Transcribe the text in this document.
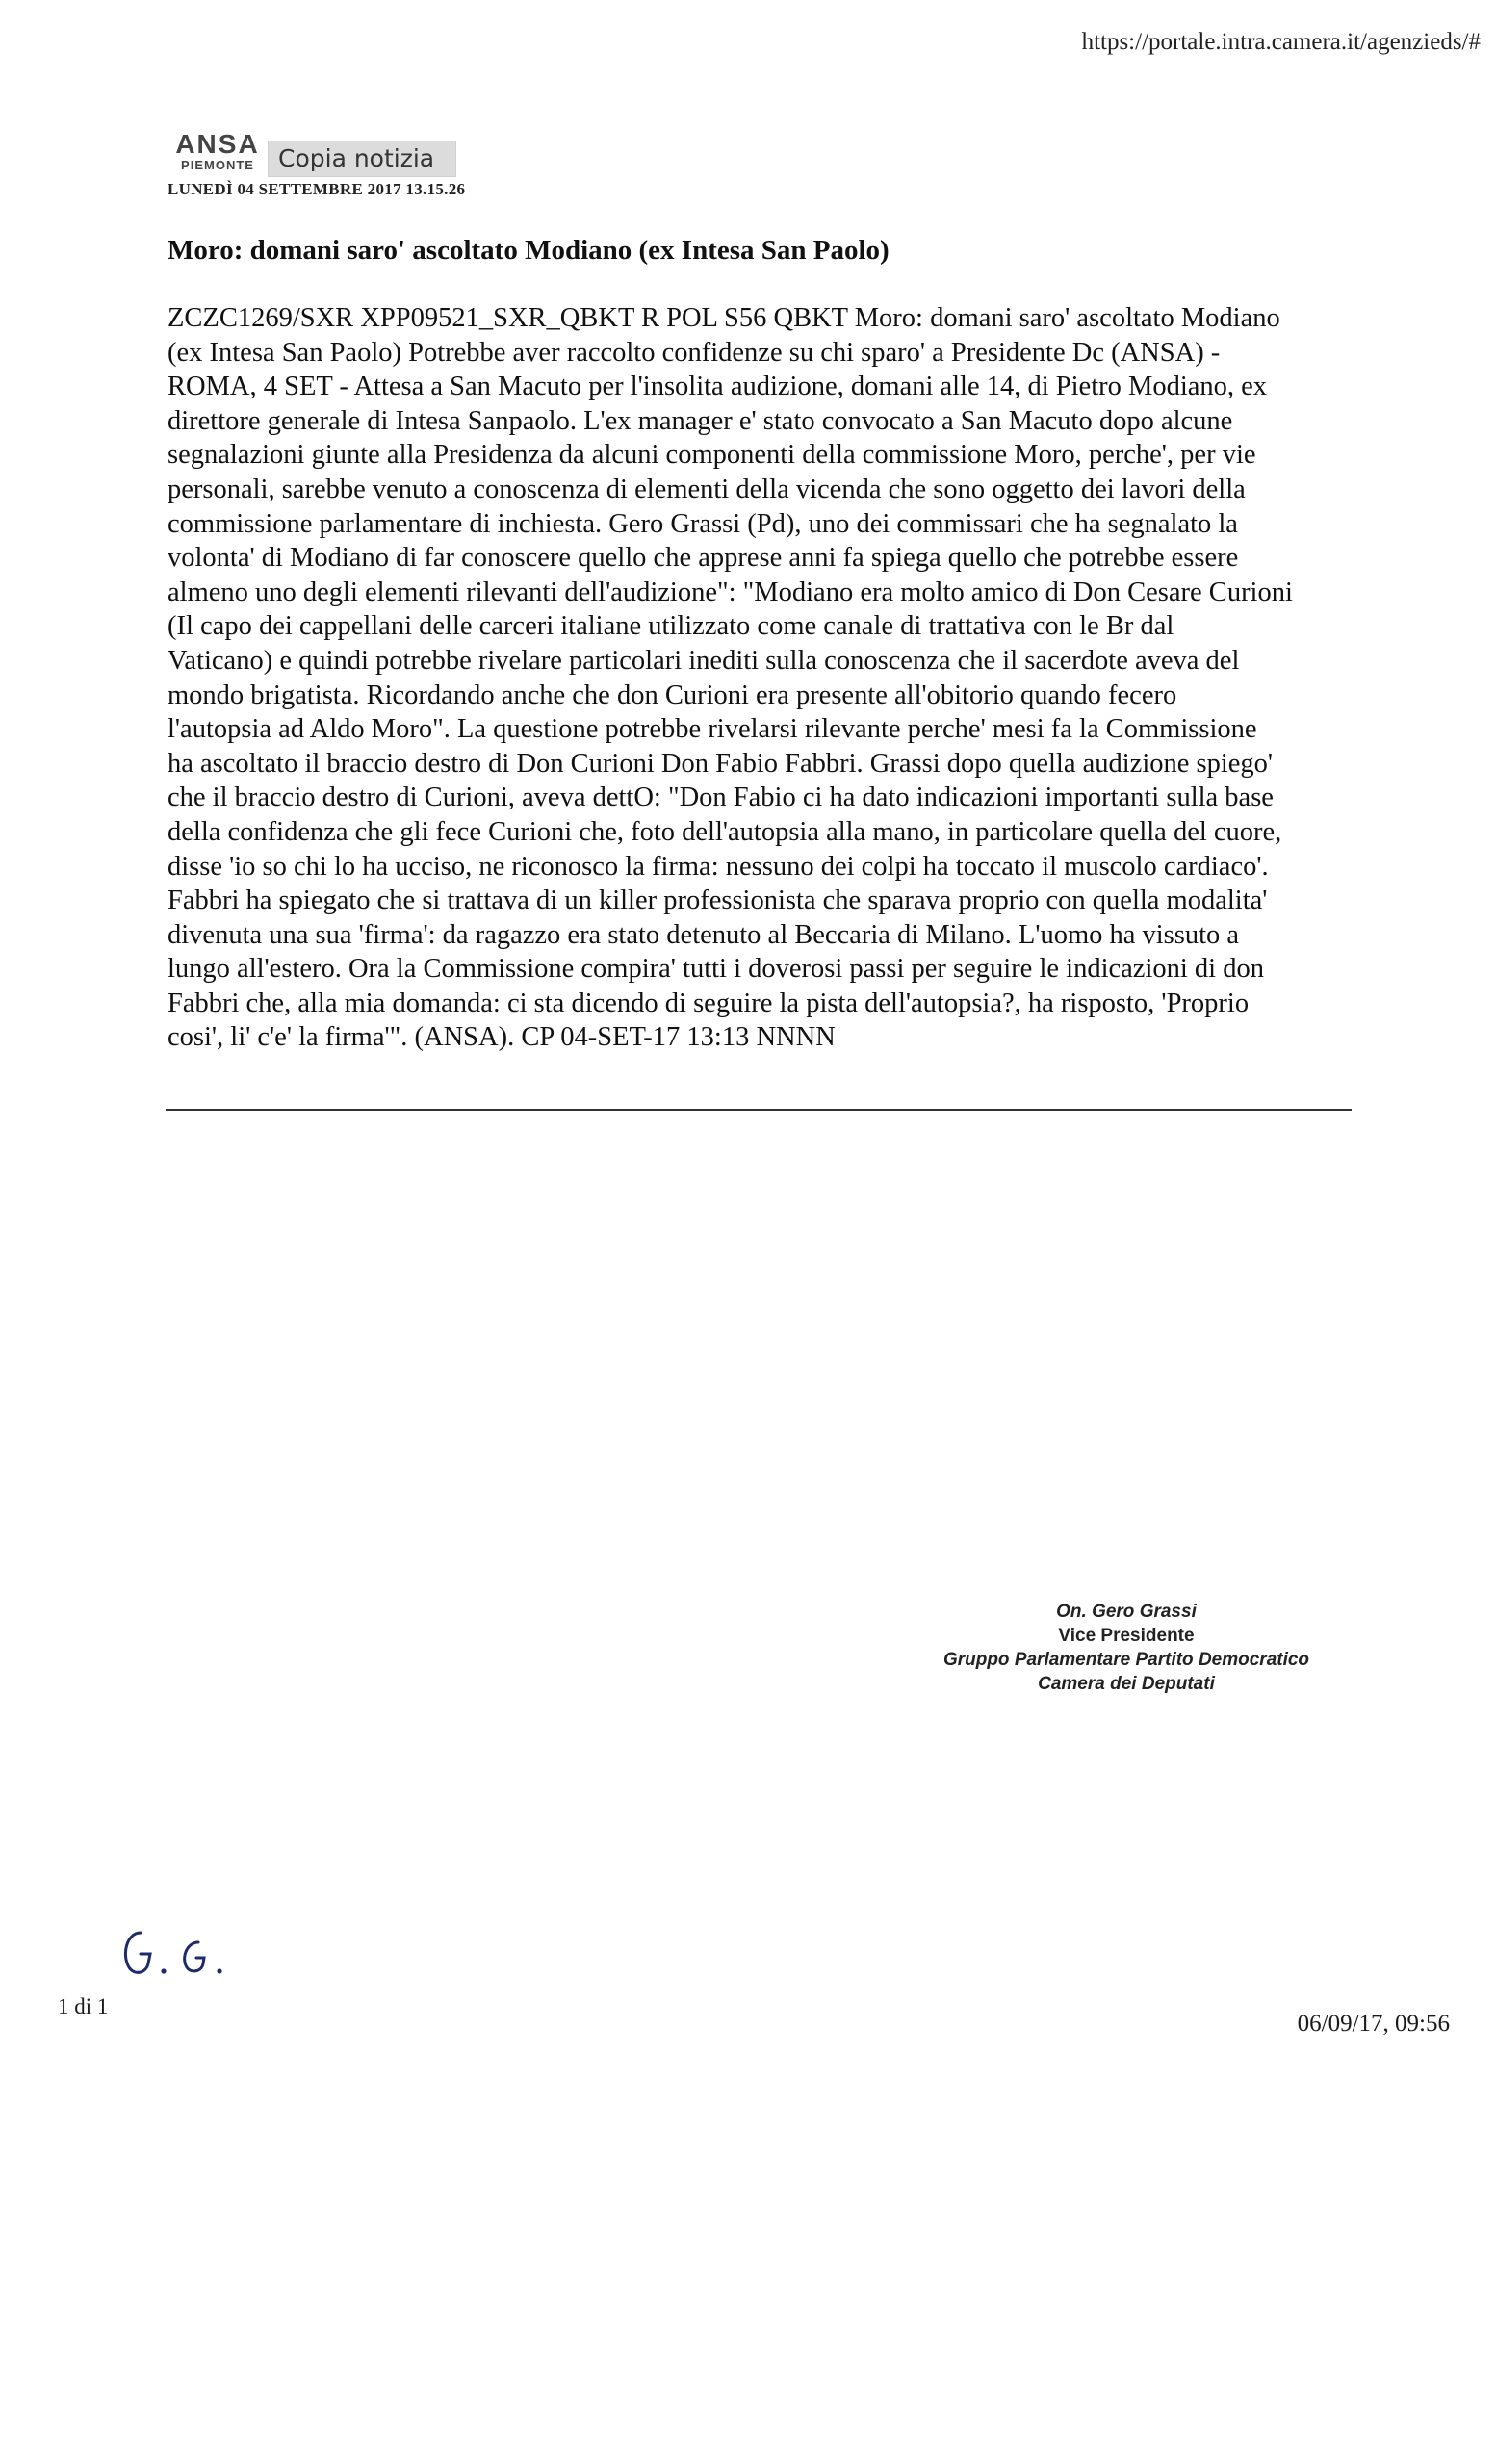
https://portale.intra.camera.it/agenzieds/#
ANSA
PIEMONTE	Copia notizia
LUNEDÌ 04 SETTEMBRE 2017 13.15.26
Moro: domani saro' ascoltato Modiano (ex Intesa San Paolo)
ZCZC1269/SXR XPP09521_SXR_QBKT R POL S56 QBKT Moro: domani saro' ascoltato Modiano
(ex Intesa San Paolo) Potrebbe aver raccolto confidenze su chi sparo' a Presidente Dc (ANSA) -
ROMA, 4 SET - Attesa a San Macuto per l'insolita audizione, domani alle 14, di Pietro Modiano, ex
direttore generale di Intesa Sanpaolo. L'ex manager e' stato convocato a San Macuto dopo alcune
segnalazioni giunte alla Presidenza da alcuni componenti della commissione Moro, perche', per vie
personali, sarebbe venuto a conoscenza di elementi della vicenda che sono oggetto dei lavori della
commissione parlamentare di inchiesta. Gero Grassi (Pd), uno dei commissari che ha segnalato la
volonta' di Modiano di far conoscere quello che apprese anni fa spiega quello che potrebbe essere
almeno uno degli elementi rilevanti dell'audizione": "Modiano era molto amico di Don Cesare Curioni
(Il capo dei cappellani delle carceri italiane utilizzato come canale di trattativa con le Br dal
Vaticano) e quindi potrebbe rivelare particolari inediti sulla conoscenza che il sacerdote aveva del
mondo brigatista. Ricordando anche che don Curioni era presente all'obitorio quando fecero
l'autopsia ad Aldo Moro". La questione potrebbe rivelarsi rilevante perche' mesi fa la Commissione
ha ascoltato il braccio destro di Don Curioni Don Fabio Fabbri. Grassi dopo quella audizione spiego'
che il braccio destro di Curioni, aveva dettO: "Don Fabio ci ha dato indicazioni importanti sulla base
della confidenza che gli fece Curioni che, foto dell'autopsia alla mano, in particolare quella del cuore,
disse 'io so chi lo ha ucciso, ne riconosco la firma: nessuno dei colpi ha toccato il muscolo cardiaco'.
Fabbri ha spiegato che si trattava di un killer professionista che sparava proprio con quella modalita'
divenuta una sua 'firma': da ragazzo era stato detenuto al Beccaria di Milano. L'uomo ha vissuto a
lungo all'estero. Ora la Commissione compira' tutti i doverosi passi per seguire le indicazioni di don
Fabbri che, alla mia domanda: ci sta dicendo di seguire la pista dell'autopsia?, ha risposto, 'Proprio
cosi', li' c'e' la firma'". (ANSA). CP 04-SET-17 13:13 NNNN
On. Gero Grassi
Vice Presidente
Gruppo Parlamentare Partito Democratico
Camera dei Deputati
1 di 1
06/09/17, 09:56
